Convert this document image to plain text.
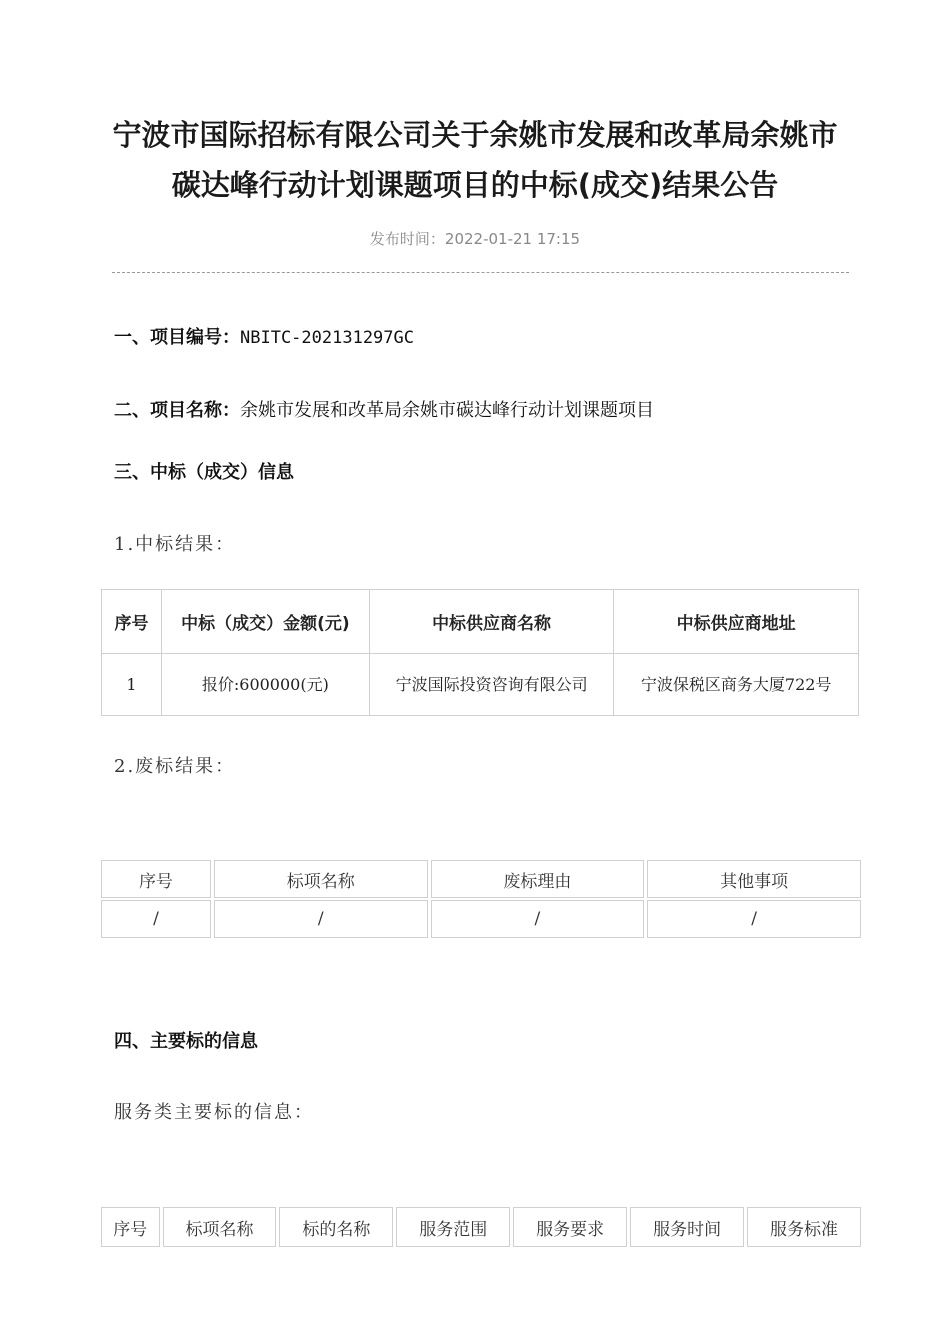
宁波市国际招标有限公司关于余姚市发展和改革局余姚市
碳达峰行动计划课题项目的中标(成交)结果公告
发布时间：2022-01-21 17:15
一、项目编号：NBITC-202131297GC
二、项目名称：余姚市发展和改革局余姚市碳达峰行动计划课题项目
三、中标（成交）信息
1.中标结果：
序号	中标（成交）金额(元)	中标供应商名称	中标供应商地址
1	报价:600000(元)	宁波国际投资咨询有限公司	宁波保税区商务大厦722号
2.废标结果：
序号	标项名称	废标理由	其他事项
/	/	/	/
四、主要标的信息
服务类主要标的信息：
序号	标项名称	标的名称	服务范围	服务要求	服务时间	服务标准
